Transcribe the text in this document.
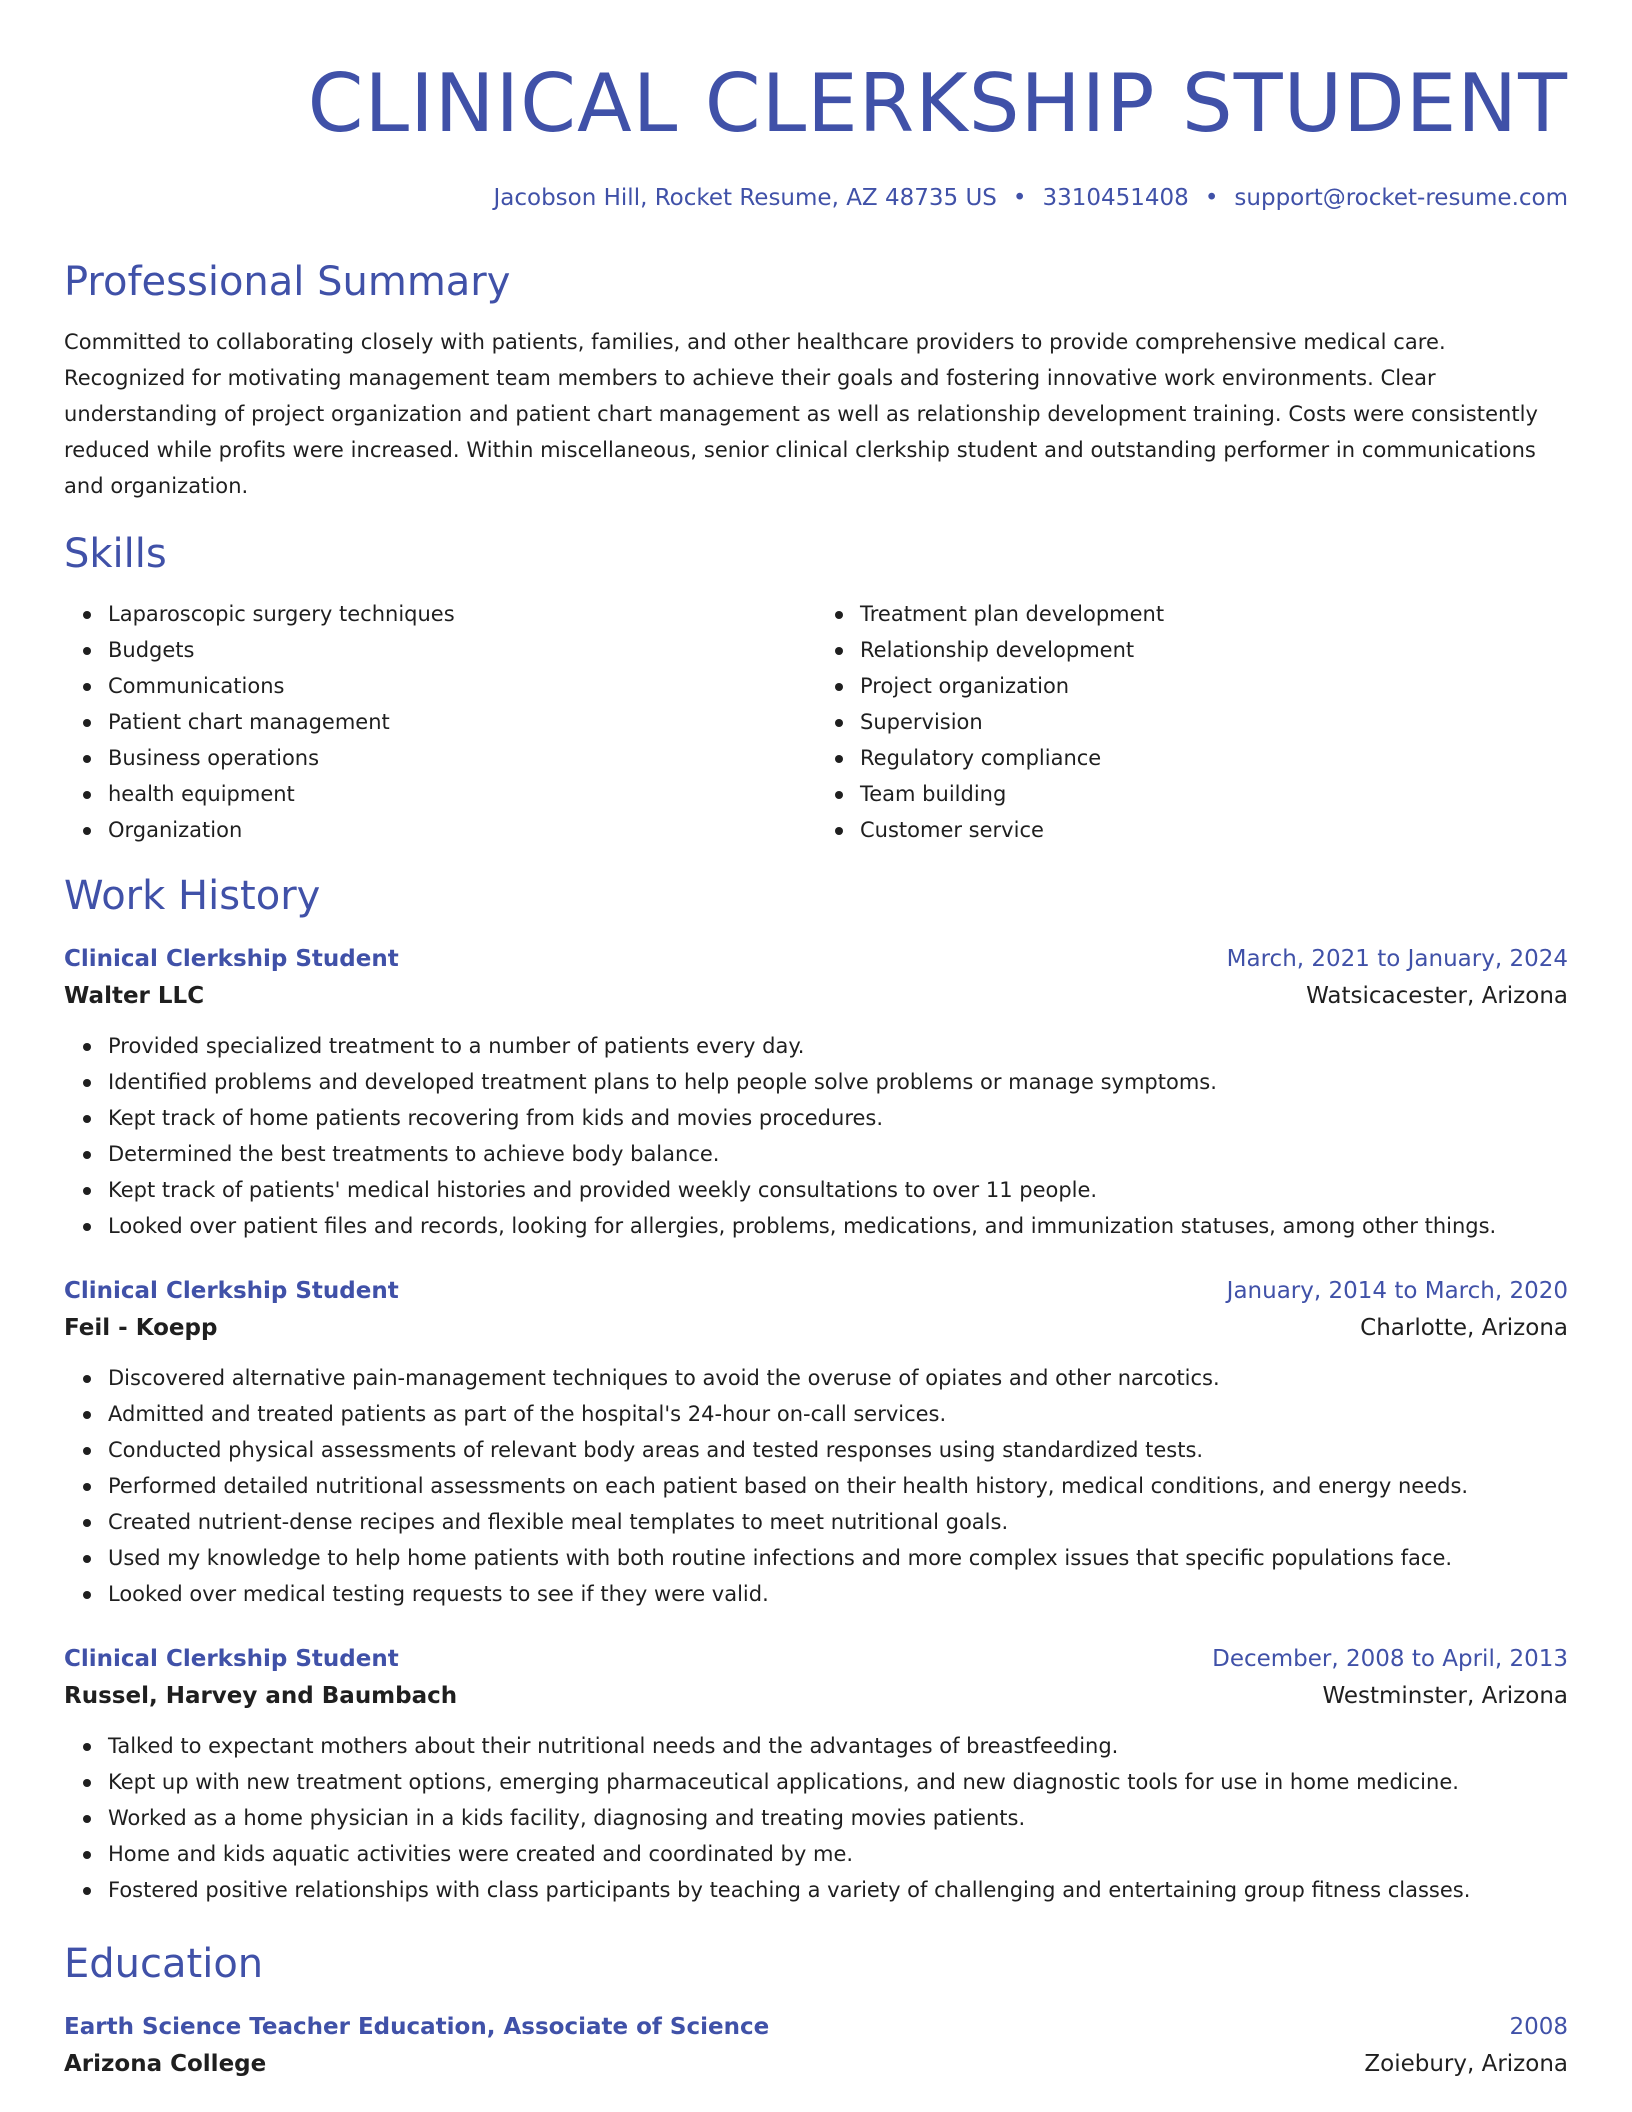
CLINICAL CLERKSHIP STUDENT
Jacobson Hill, Rocket Resume, AZ 48735 US • 3310451408 • support@rocket-resume.com
Professional Summary

Committed to collaborating closely with patients, families, and other healthcare providers to provide comprehensive medical care. Recognized for motivating management team members to achieve their goals and fostering innovative work environments. Clear understanding of project organization and patient chart management as well as relationship development training. Costs were consistently reduced while profits were increased. Within miscellaneous, senior clinical clerkship student and outstanding performer in communications and organization.

Skills
Laparoscopic surgery techniques
Budgets
Communications
Patient chart management
Business operations
health equipment
Organization
Treatment plan development
Relationship development
Project organization
Supervision
Regulatory compliance
Team building
Customer service
Work History
Clinical Clerkship Student	March, 2021 to January, 2024
Walter LLC	Watsicacester, Arizona
Provided specialized treatment to a number of patients every day.
Identified problems and developed treatment plans to help people solve problems or manage symptoms.
Kept track of home patients recovering from kids and movies procedures.
Determined the best treatments to achieve body balance.
Kept track of patients' medical histories and provided weekly consultations to over 11 people.
Looked over patient files and records, looking for allergies, problems, medications, and immunization statuses, among other things.
Clinical Clerkship Student	January, 2014 to March, 2020
Feil - Koepp	Charlotte, Arizona
Discovered alternative pain-management techniques to avoid the overuse of opiates and other narcotics.
Admitted and treated patients as part of the hospital's 24-hour on-call services.
Conducted physical assessments of relevant body areas and tested responses using standardized tests.
Performed detailed nutritional assessments on each patient based on their health history, medical conditions, and energy needs.
Created nutrient-dense recipes and flexible meal templates to meet nutritional goals.
Used my knowledge to help home patients with both routine infections and more complex issues that specific populations face.
Looked over medical testing requests to see if they were valid.
Clinical Clerkship Student	December, 2008 to April, 2013
Russel, Harvey and Baumbach	Westminster, Arizona
Talked to expectant mothers about their nutritional needs and the advantages of breastfeeding.
Kept up with new treatment options, emerging pharmaceutical applications, and new diagnostic tools for use in home medicine.
Worked as a home physician in a kids facility, diagnosing and treating movies patients.
Home and kids aquatic activities were created and coordinated by me.
Fostered positive relationships with class participants by teaching a variety of challenging and entertaining group fitness classes.
Education
Earth Science Teacher Education, Associate of Science	2008
Arizona College	Zoiebury, Arizona
